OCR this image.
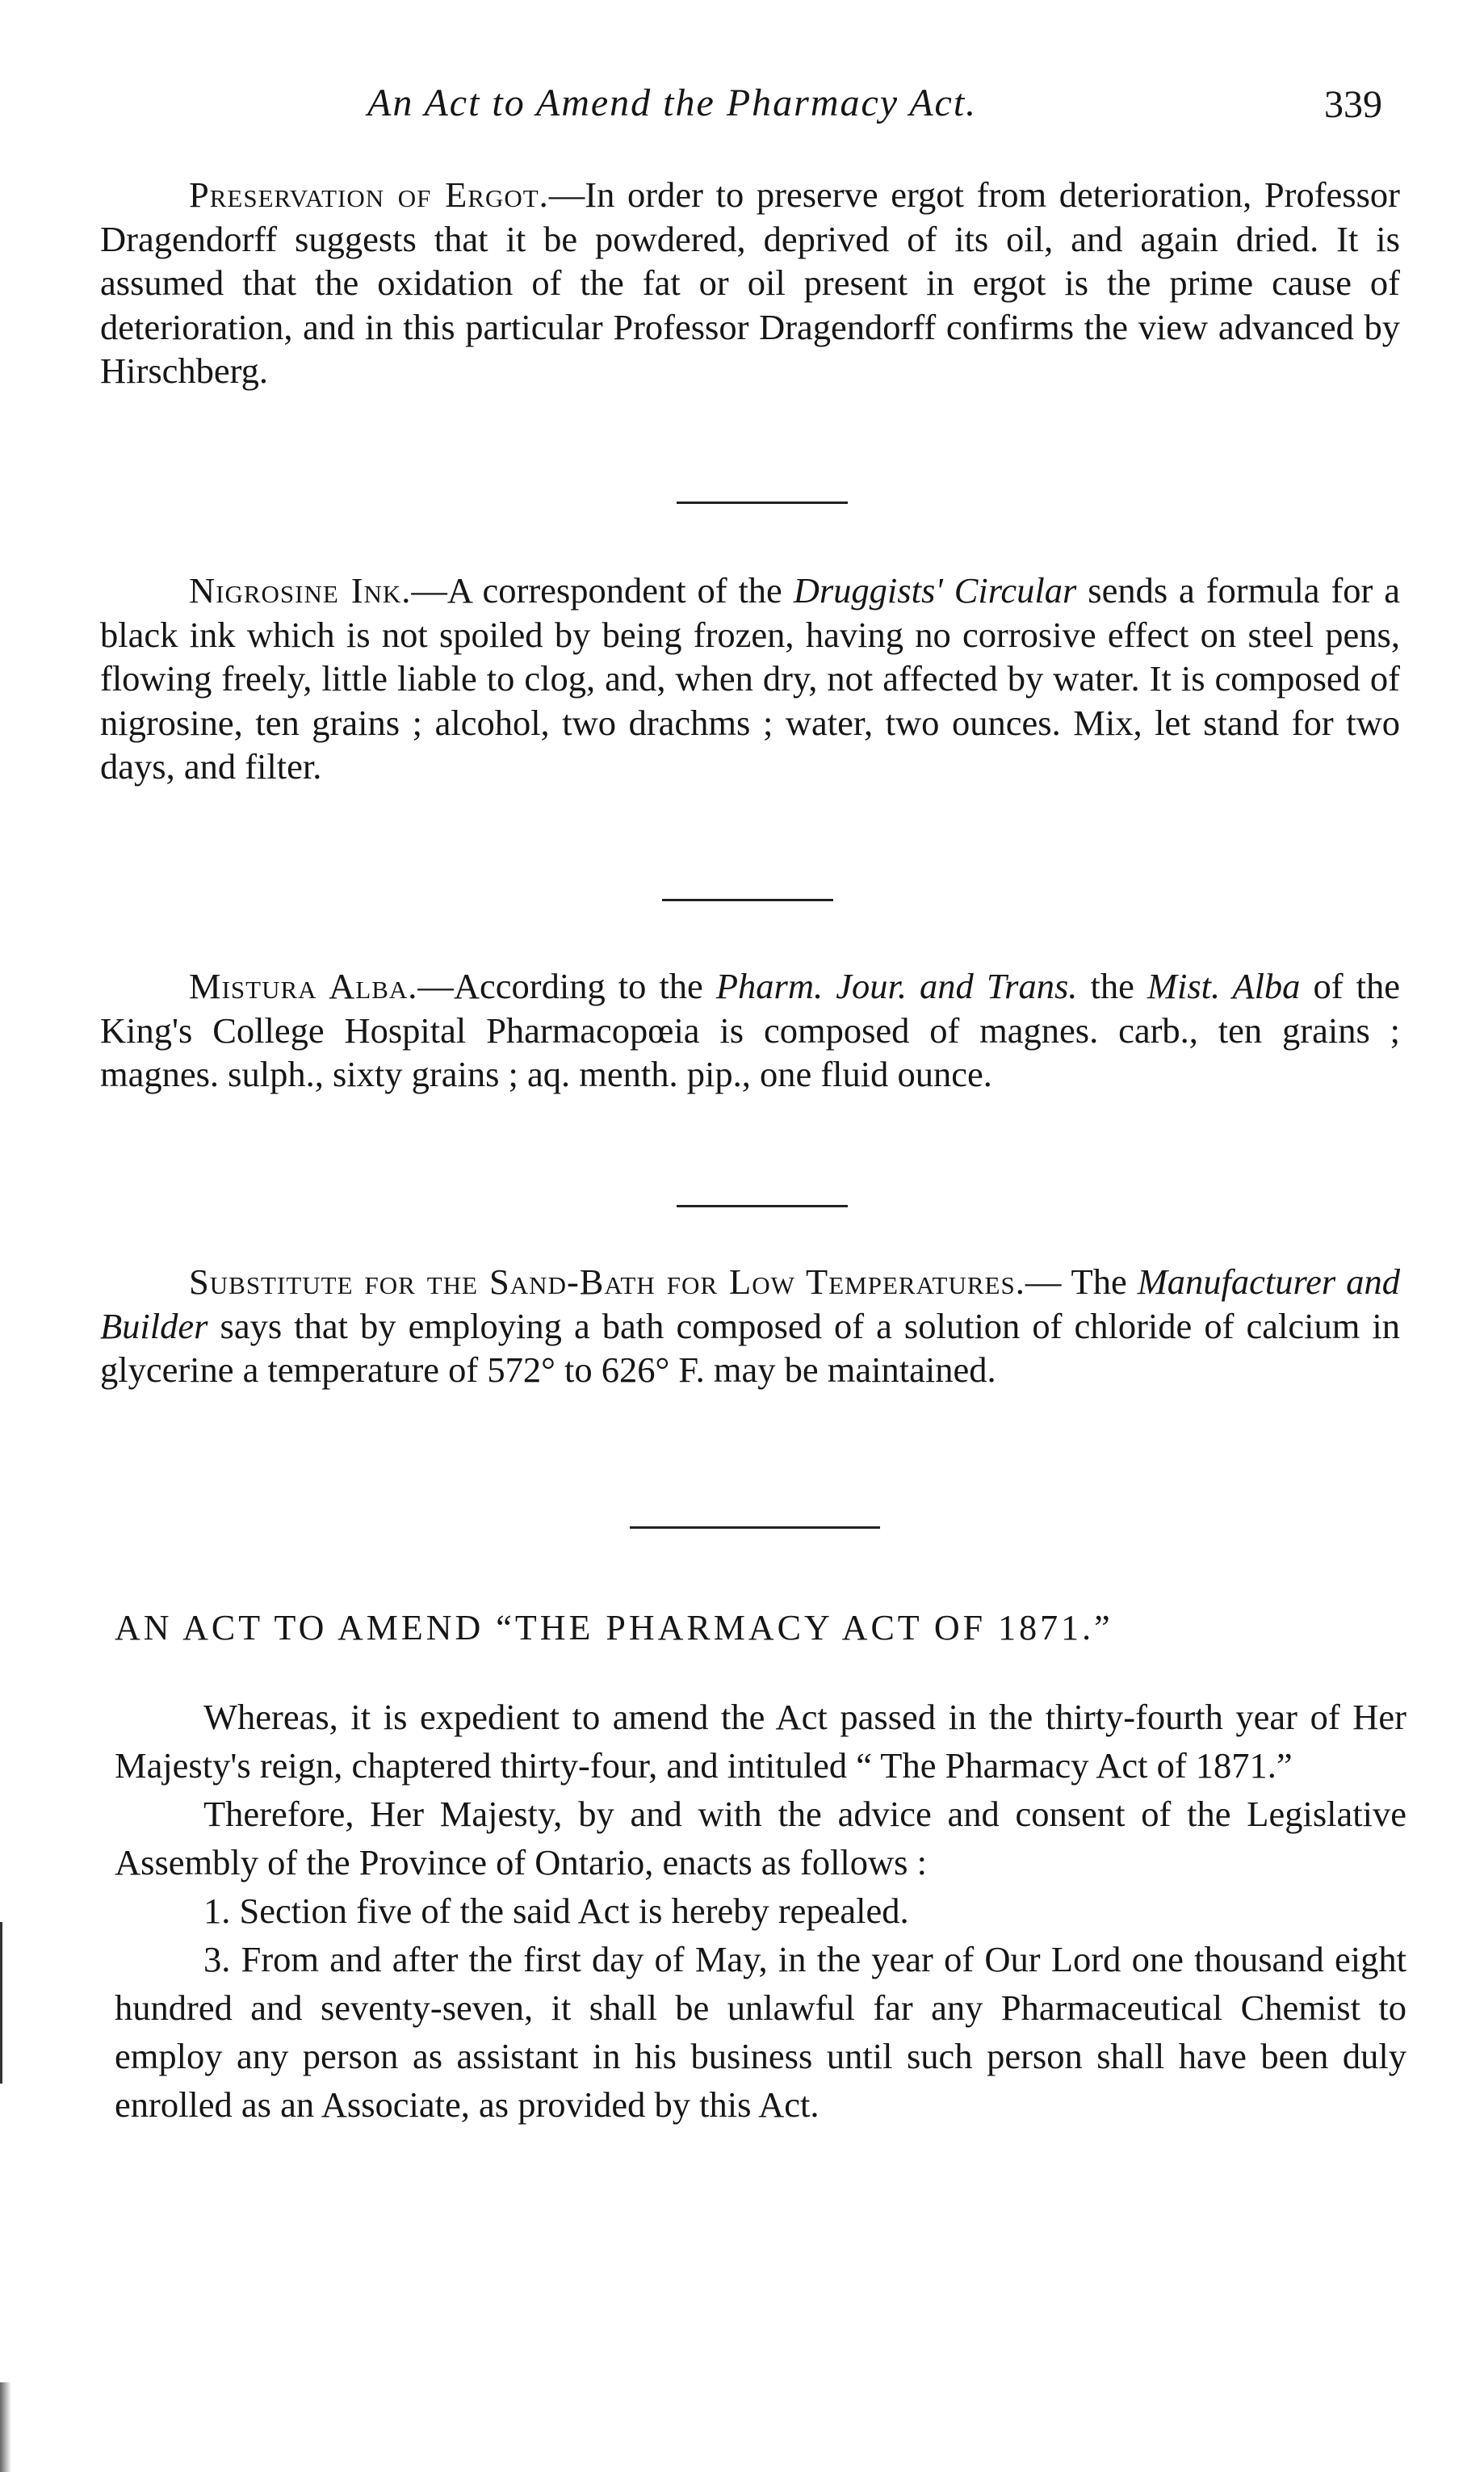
An Act to Amend the Pharmacy Act.	339

Preservation of Ergot.—In order to preserve ergot from deterioration, Professor Dragendorff suggests that it be powdered, deprived of its oil, and again dried. It is assumed that the oxidation of the fat or oil present in ergot is the prime cause of deterioration, and in this particular Professor Dragendorff confirms the view advanced by Hirschberg.

Nigrosine Ink.—A correspondent of the Druggists' Circular sends a formula for a black ink which is not spoiled by being frozen, having no corrosive effect on steel pens, flowing freely, little liable to clog, and, when dry, not affected by water. It is composed of nigrosine, ten grains ; alcohol, two drachms ; water, two ounces. Mix, let stand for two days, and filter.

Mistura Alba.—According to the Pharm. Jour. and Trans. the Mist. Alba of the King's College Hospital Pharmacopœia is composed of magnes. carb., ten grains ; magnes. sulph., sixty grains ; aq. menth. pip., one fluid ounce.

Substitute for the Sand-Bath for Low Temperatures.— The Manufacturer and Builder says that by employing a bath composed of a solution of chloride of calcium in glycerine a temperature of 572° to 626° F. may be maintained.

AN ACT TO AMEND “THE PHARMACY ACT OF 1871.”

Whereas, it is expedient to amend the Act passed in the thirty-fourth year of Her Majesty's reign, chaptered thirty-four, and intituled “ The Pharmacy Act of 1871.”

Therefore, Her Majesty, by and with the advice and consent of the Legislative Assembly of the Province of Ontario, enacts as follows :

1. Section five of the said Act is hereby repealed.

3. From and after the first day of May, in the year of Our Lord one thousand eight hundred and seventy-seven, it shall be unlawful far any Pharmaceutical Chemist to employ any person as assistant in his business until such person shall have been duly enrolled as an Associate, as provided by this Act.
